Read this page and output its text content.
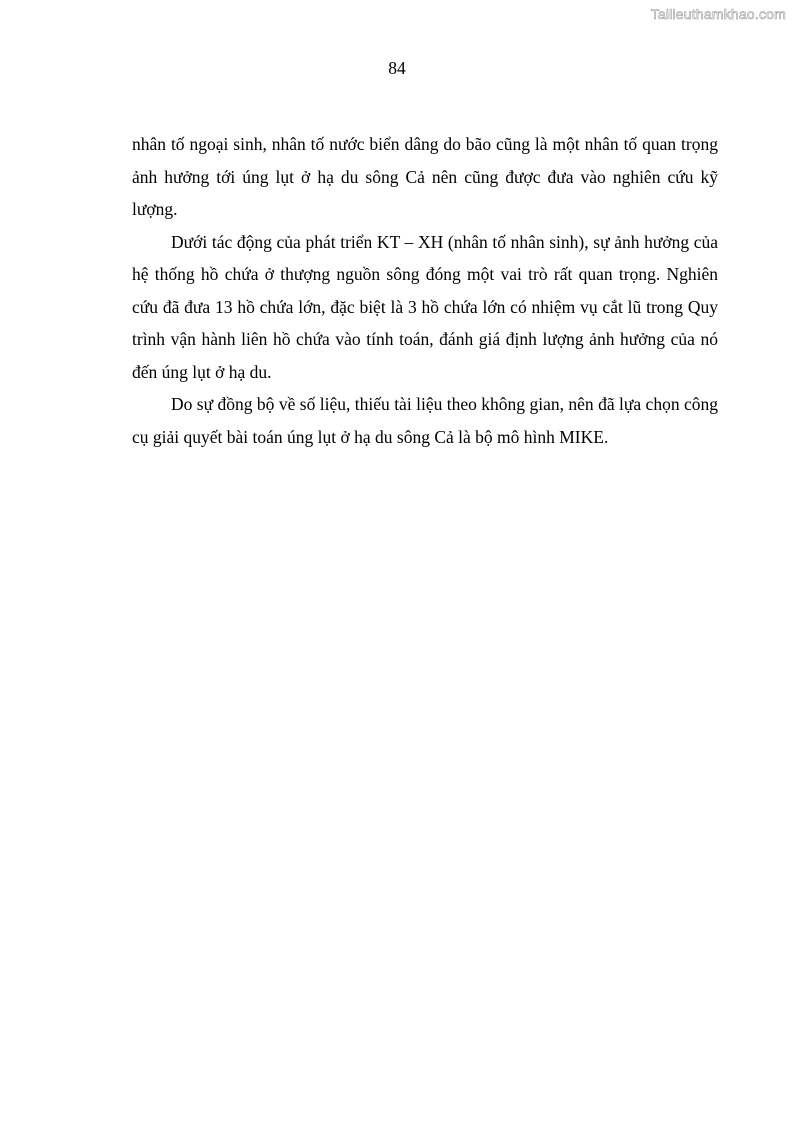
Tailieuthamkhao.com
84

nhân tố ngoại sinh, nhân tố nước biển dâng do bão cũng là một nhân tố quan trọng ảnh hưởng tới úng lụt ở hạ du sông Cả nên cũng được đưa vào nghiên cứu kỹ lượng.

Dưới tác động của phát triển KT – XH (nhân tố nhân sinh), sự ảnh hưởng của hệ thống hồ chứa ở thượng nguồn sông đóng một vai trò rất quan trọng. Nghiên cứu đã đưa 13 hồ chứa lớn, đặc biệt là 3 hồ chứa lớn có nhiệm vụ cắt lũ trong Quy trình vận hành liên hồ chứa vào tính toán, đánh giá định lượng ảnh hưởng của nó đến úng lụt ở hạ du.

Do sự đồng bộ về số liệu, thiếu tài liệu theo không gian, nên đã lựa chọn công cụ giải quyết bài toán úng lụt ở hạ du sông Cả là bộ mô hình MIKE.
